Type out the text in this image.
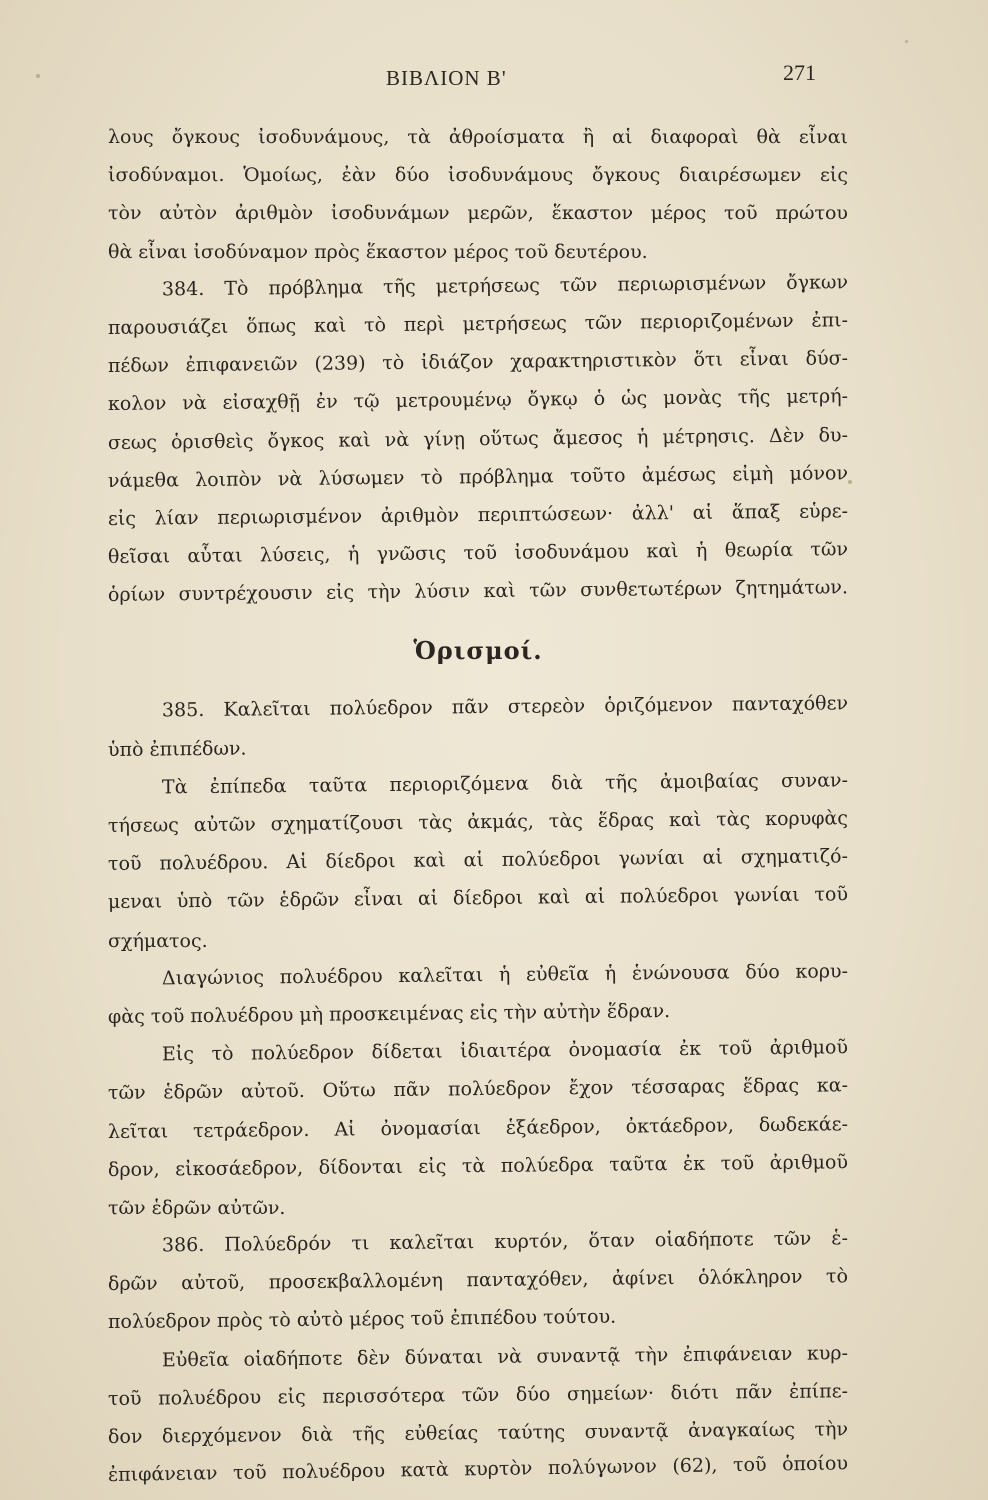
ΒΙΒΛΙΟΝ Β'	271
λους ὄγκους ἰσοδυνάμους, τὰ ἀθροίσματα ἢ αἱ διαφοραὶ θὰ εἶναι
ἰσοδύναμοι. Ὁμοίως, ἐὰν δύο ἰσοδυνάμους ὄγκους διαιρέσωμεν εἰς
τὸν αὐτὸν ἀριθμὸν ἰσοδυνάμων μερῶν, ἕκαστον μέρος τοῦ πρώτου
θὰ εἶναι ἰσοδύναμον πρὸς ἕκαστον μέρος τοῦ δευτέρου.
384. Τὸ πρόβλημα τῆς μετρήσεως τῶν περιωρισμένων ὄγκων
παρουσιάζει ὅπως καὶ τὸ περὶ μετρήσεως τῶν περιοριζομένων ἐπι-
πέδων ἐπιφανειῶν (239) τὸ ἰδιάζον χαρακτηριστικὸν ὅτι εἶναι δύσ-
κολον νὰ εἰσαχθῇ ἐν τῷ μετρουμένῳ ὄγκῳ ὁ ὡς μονὰς τῆς μετρή-
σεως ὁρισθεὶς ὄγκος καὶ νὰ γίνῃ οὕτως ἄμεσος ἡ μέτρησις. Δὲν δυ-
νάμεθα λοιπὸν νὰ λύσωμεν τὸ πρόβλημα τοῦτο ἀμέσως εἰμὴ μόνον
εἰς λίαν περιωρισμένον ἀριθμὸν περιπτώσεων· ἀλλ' αἱ ἅπαξ εὑρε-
θεῖσαι αὗται λύσεις, ἡ γνῶσις τοῦ ἰσοδυνάμου καὶ ἡ θεωρία τῶν
ὁρίων συντρέχουσιν εἰς τὴν λύσιν καὶ τῶν συνθετωτέρων ζητημάτων.
Ὁρισμοί.
385. Καλεῖται πολύεδρον πᾶν στερεὸν ὁριζόμενον πανταχόθεν
ὑπὸ ἐπιπέδων.
Τὰ ἐπίπεδα ταῦτα περιοριζόμενα διὰ τῆς ἀμοιβαίας συναν-
τήσεως αὐτῶν σχηματίζουσι τὰς ἀκμάς, τὰς ἕδρας καὶ τὰς κορυφὰς
τοῦ πολυέδρου. Αἱ δίεδροι καὶ αἱ πολύεδροι γωνίαι αἱ σχηματιζό-
μεναι ὑπὸ τῶν ἑδρῶν εἶναι αἱ δίεδροι καὶ αἱ πολύεδροι γωνίαι τοῦ
σχήματος.
Διαγώνιος πολυέδρου καλεῖται ἡ εὐθεῖα ἡ ἑνώνουσα δύο κορυ-
φὰς τοῦ πολυέδρου μὴ προσκειμένας εἰς τὴν αὐτὴν ἕδραν.
Εἰς τὸ πολύεδρον δίδεται ἰδιαιτέρα ὀνομασία ἐκ τοῦ ἀριθμοῦ
τῶν ἑδρῶν αὐτοῦ. Οὕτω πᾶν πολύεδρον ἔχον τέσσαρας ἕδρας κα-
λεῖται τετράεδρον. Αἱ ὀνομασίαι ἑξάεδρον, ὀκτάεδρον, δωδεκάε-
δρον, εἰκοσάεδρον, δίδονται εἰς τὰ πολύεδρα ταῦτα ἐκ τοῦ ἀριθμοῦ
τῶν ἑδρῶν αὐτῶν.
386. Πολύεδρόν τι καλεῖται κυρτόν, ὅταν οἱαδήποτε τῶν ἑ-
δρῶν αὐτοῦ, προσεκβαλλομένη πανταχόθεν, ἀφίνει ὁλόκληρον τὸ
πολύεδρον πρὸς τὸ αὐτὸ μέρος τοῦ ἐπιπέδου τούτου.
Εὐθεῖα οἱαδήποτε δὲν δύναται νὰ συναντᾷ τὴν ἐπιφάνειαν κυρ-
τοῦ πολυέδρου εἰς περισσότερα τῶν δύο σημείων· διότι πᾶν ἐπίπε-
δον διερχόμενον διὰ τῆς εὐθείας ταύτης συναντᾷ ἀναγκαίως τὴν
ἐπιφάνειαν τοῦ πολυέδρου κατὰ κυρτὸν πολύγωνον (62), τοῦ ὁποίου
